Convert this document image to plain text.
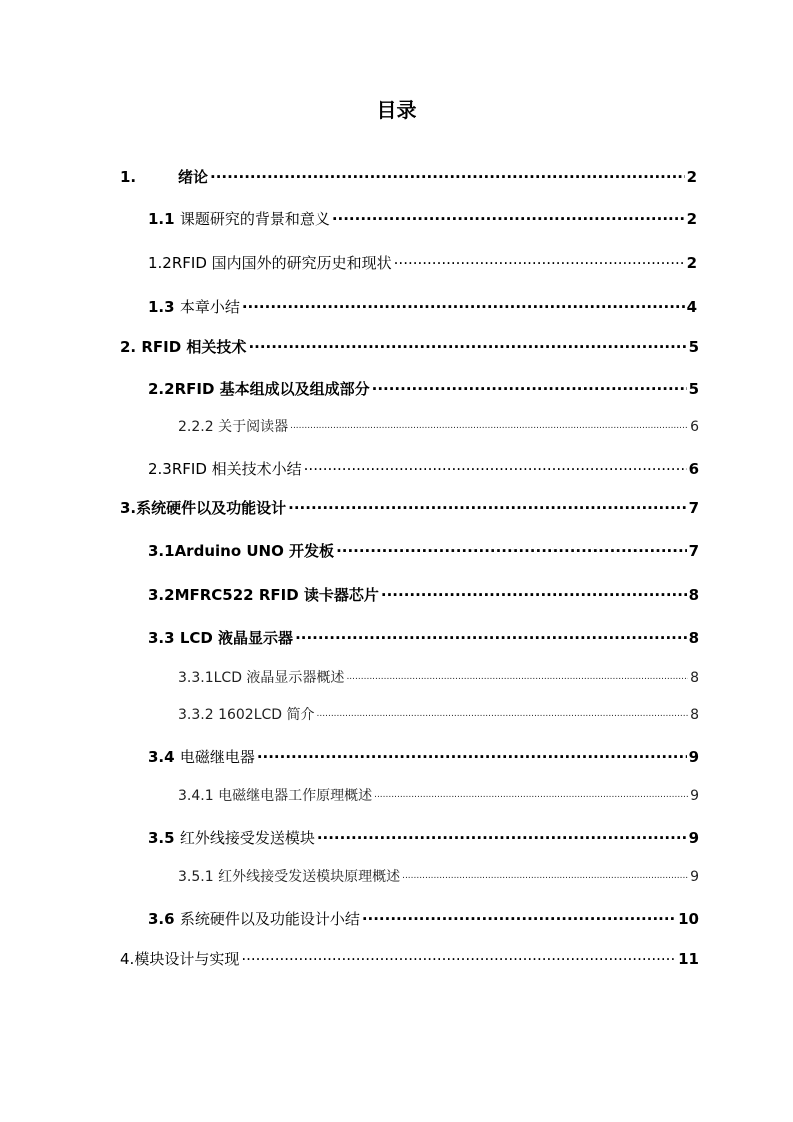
目录
1.	绪论 .....	2
1.1 课题研究的背景和意义 .....	2
1.2RFID 国内国外的研究历史和现状 .....	2
1.3 本章小结 .....	4
2. RFID 相关技术 .....	5
2.2RFID 基本组成以及组成部分 .....	5
2.2.2 关于阅读器 .....	6
2.3RFID 相关技术小结 .....	6
3.系统硬件以及功能设计 .....	7
3.1Arduino UNO 开发板 .....	7
3.2MFRC522 RFID 读卡器芯片 .....	8
3.3 LCD 液晶显示器 .....	8
3.3.1LCD 液晶显示器概述 .....	8
3.3.2 1602LCD 简介 .....	8
3.4 电磁继电器 .....	9
3.4.1 电磁继电器工作原理概述 .....	9
3.5 红外线接受发送模块 .....	9
3.5.1 红外线接受发送模块原理概述 .....	9
3.6 系统硬件以及功能设计小结 .....	10
4.模块设计与实现 .....	11
